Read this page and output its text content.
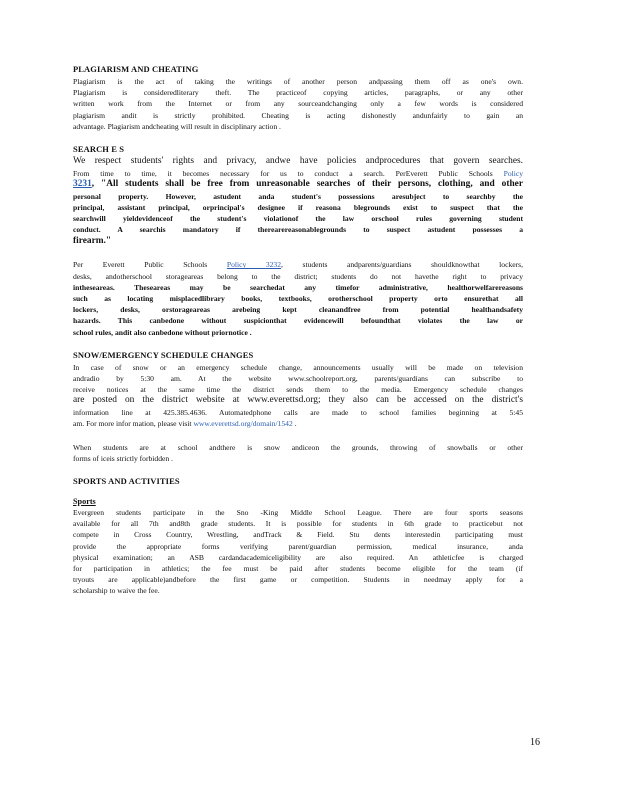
PLAGIARISM AND CHEATING

Plagiarism is the act of taking the writings of another person andpassing them off as one's own.

Plagiarism is consideredliterary theft. The practiceof copying articles, paragraphs, or any other

written work from the Internet or from any sourceandchanging only a few words is considered

plagiarism andit is strictly prohibited. Cheating is acting dishonestly andunfairly to gain an

advantage. Plagiarism andcheating will result in disciplinary action .

SEARCH E S

We respect students' rights and privacy, andwe have policies andprocedures that govern searches.

From time to time, it becomes necessary for us to conduct a search. PerEverett Public Schools Policy

3231, "All students shall be free from unreasonable searches of their persons, clothing, and other

personal property. However, astudent anda student's possessions aresubject to searchby the

principal, assistant principal, orprincipal's designee if reasona blegrounds exist to suspect that the

searchwill yieldevidenceof the student's violationof the law orschool rules governing student

conduct. A searchis mandatory if therearereasonablegrounds to suspect astudent possesses a

firearm."

Per Everett Public Schools	Policy 3232, students andparents/guardians shouldknowthat lockers,

desks, andotherschool storageareas belong to the district; students do not havethe right to privacy

intheseareas. Theseareas may be searchedat any timefor administrative, healthorwelfarereasons

such as locating misplacedlibrary books, textbooks, orotherschool property orto ensurethat all

lockers, desks, orstorageareas arebeing kept cleanandfree from potential healthandsafety

hazards. This canbedone without suspicionthat evidencewill befoundthat violates the law or

school rules, andit also canbedone without priornotice .

SNOW/EMERGENCY SCHEDULE CHANGES

In case of snow or an emergency schedule change, announcements usually will be made on television

andradio by 5:30 am. At the website www.schoolreport.org, parents/guardians can subscribe to

receive notices at the same time the district sends them to the media. Emergency schedule changes

are posted on the district website at www.everettsd.org; they also can be accessed on the district's

information line at 425.385.4636. Automatedphone calls are made to school families beginning at 5:45

am. For more infor mation, please visit www.everettsd.org/domain/1542 .

When students are at school andthere is snow andiceon the grounds, throwing of snowballs or other

forms of iceis strictly forbidden .

SPORTS AND ACTIVITIES
Sports

Evergreen students participate in the Sno -King Middle School League. There are four sports seasons

available for all 7th and8th grade students. It is possible for students in 6th grade to practicebut not

compete in Cross Country, Wrestling, andTrack & Field. Stu dents interestedin participating must

provide the appropriate forms verifying parent/guardian permission, medical insurance, anda

physical examination; an ASB cardandacademiceligibility are also required. An athleticfee is charged

for participation in athletics; the fee must be paid after students become eligible for the team (if

tryouts are applicable)andbefore the first game or competition. Students in needmay apply for a

scholarship to waive the fee.

16
